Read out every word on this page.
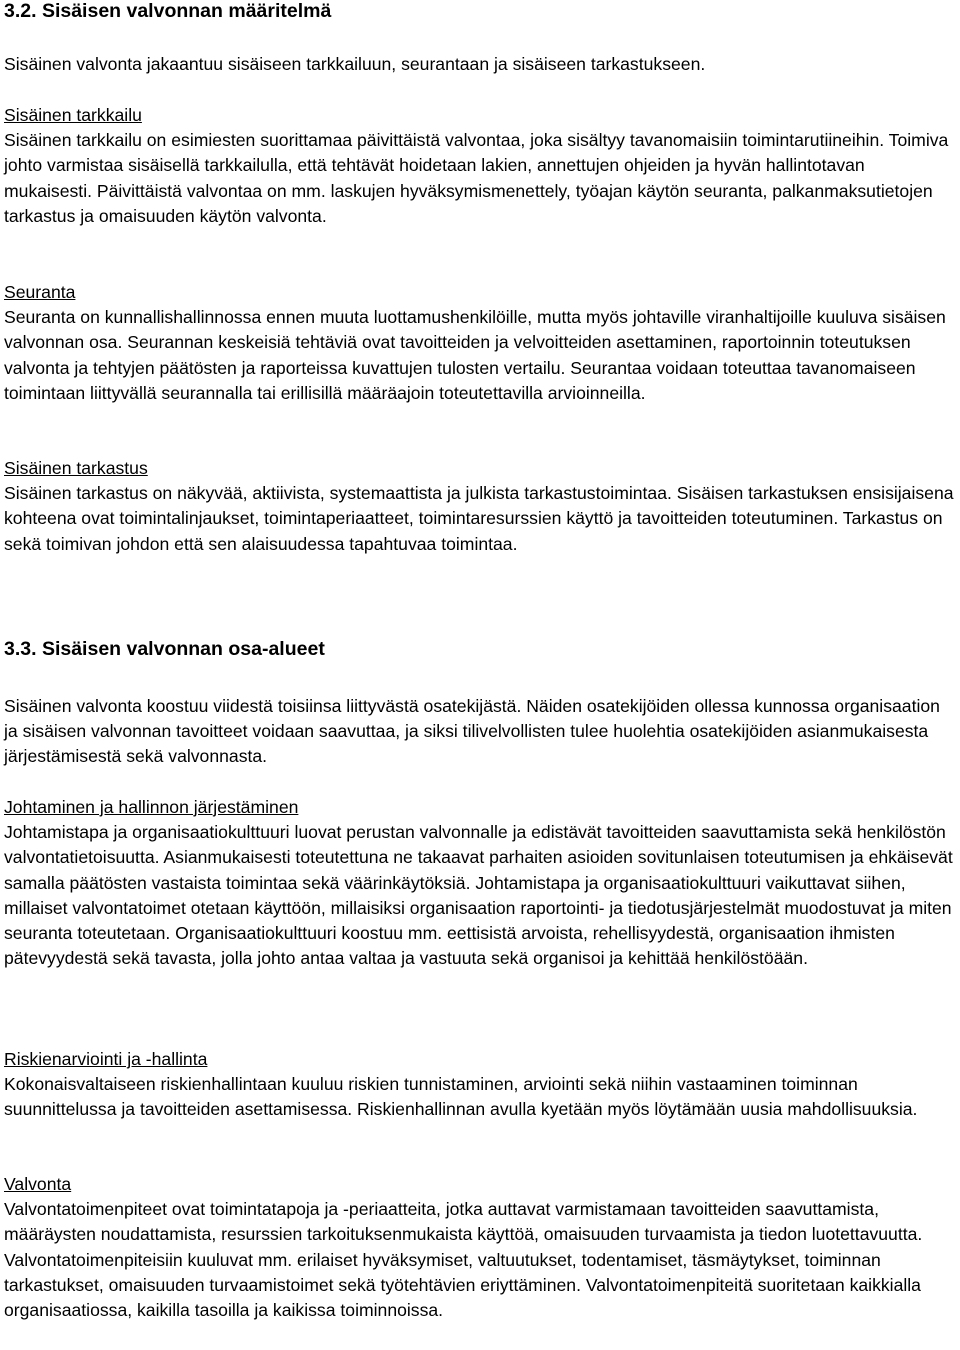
3.2. Sisäisen valvonnan määritelmä

Sisäinen valvonta jakaantuu sisäiseen tarkkailuun, seurantaan ja sisäiseen tarkastukseen.

Sisäinen tarkkailu

Sisäinen tarkkailu on esimiesten suorittamaa päivittäistä valvontaa, joka sisältyy tavanomaisiin toimintarutiineihin. Toimiva johto varmistaa sisäisellä tarkkailulla, että tehtävät hoidetaan lakien, annettujen ohjeiden ja hyvän hallintotavan mukaisesti. Päivittäistä valvontaa on mm. laskujen hyväksymismenettely, työajan käytön seuranta, palkanmaksutietojen tarkastus ja omaisuuden käytön valvonta.

Seuranta

Seuranta on kunnallishallinnossa ennen muuta luottamushenkilöille, mutta myös johtaville viranhaltijoille kuuluva sisäisen valvonnan osa. Seurannan keskeisiä tehtäviä ovat tavoitteiden ja velvoitteiden asettaminen, raportoinnin toteutuksen valvonta ja tehtyjen päätösten ja raporteissa kuvattujen tulosten vertailu. Seurantaa voidaan toteuttaa tavanomaiseen toimintaan liittyvällä seurannalla tai erillisillä määräajoin toteutettavilla arvioinneilla.

Sisäinen tarkastus

Sisäinen tarkastus on näkyvää, aktiivista, systemaattista ja julkista tarkastustoimintaa. Sisäisen tarkastuksen ensisijaisena kohteena ovat toimintalinjaukset, toimintaperiaatteet, toimintaresurssien käyttö ja tavoitteiden toteutuminen. Tarkastus on sekä toimivan johdon että sen alaisuudessa tapahtuvaa toimintaa.

3.3. Sisäisen valvonnan osa-alueet

Sisäinen valvonta koostuu viidestä toisiinsa liittyvästä osatekijästä. Näiden osatekijöiden ollessa kunnossa organisaation ja sisäisen valvonnan tavoitteet voidaan saavuttaa, ja siksi tilivelvollisten tulee huolehtia osatekijöiden asianmukaisesta järjestämisestä sekä valvonnasta.

Johtaminen ja hallinnon järjestäminen

Johtamistapa ja organisaatiokulttuuri luovat perustan valvonnalle ja edistävät tavoitteiden saavuttamista sekä henkilöstön valvontatietoisuutta. Asianmukaisesti toteutettuna ne takaavat parhaiten asioiden sovitunlaisen toteutumisen ja ehkäisevät samalla päätösten vastaista toimintaa sekä väärinkäytöksiä. Johtamistapa ja organisaatiokulttuuri vaikuttavat siihen, millaiset valvontatoimet otetaan käyttöön, millaisiksi organisaation raportointi- ja tiedotusjärjestelmät muodostuvat ja miten seuranta toteutetaan. Organisaatiokulttuuri koostuu mm. eettisistä arvoista, rehellisyydestä, organisaation ihmisten pätevyydestä sekä tavasta, jolla johto antaa valtaa ja vastuuta sekä organisoi ja kehittää henkilöstöään.

Riskienarviointi ja -hallinta

Kokonaisvaltaiseen riskienhallintaan kuuluu riskien tunnistaminen, arviointi sekä niihin vastaaminen toiminnan suunnittelussa ja tavoitteiden asettamisessa. Riskienhallinnan avulla kyetään myös löytämään uusia mahdollisuuksia.

Valvonta

Valvontatoimenpiteet ovat toimintatapoja ja -periaatteita, jotka auttavat varmistamaan tavoitteiden saavuttamista, määräysten noudattamista, resurssien tarkoituksenmukaista käyttöä, omaisuuden turvaamista ja tiedon luotettavuutta. Valvontatoimenpiteisiin kuuluvat mm. erilaiset hyväksymiset, valtuutukset, todentamiset, täsmäytykset, toiminnan tarkastukset, omaisuuden turvaamistoimet sekä työtehtävien eriyttäminen. Valvontatoimenpiteitä suoritetaan kaikkialla organisaatiossa, kaikilla tasoilla ja kaikissa toiminnoissa.
